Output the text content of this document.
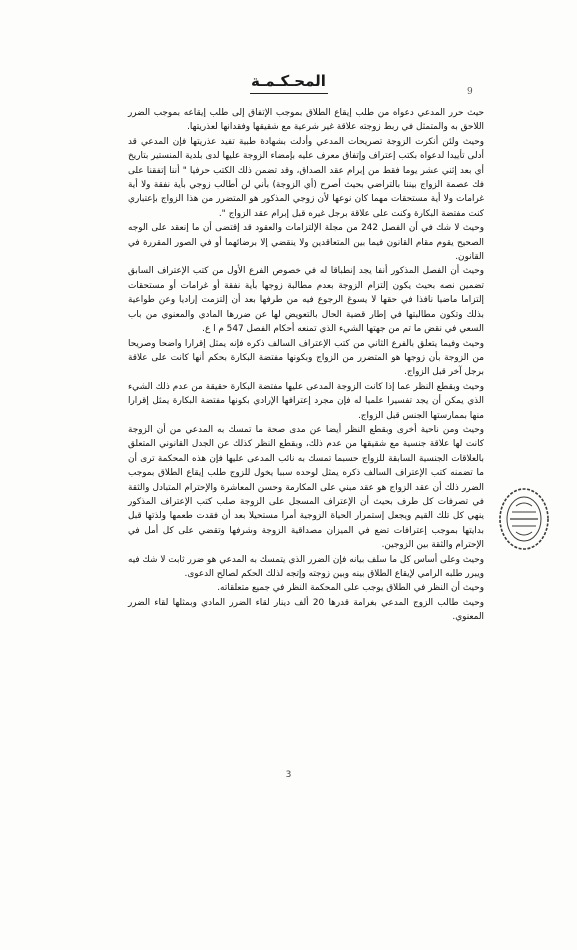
9
المحـكـمـة

حيث حرر المدعي دعواه من طلب إيقاع الطلاق بموجب الإتفاق إلى طلب إيقاعه بموجب الضرر اللاحق به والمتمثل في ربط زوجته علاقة غير شرعية مع شقيقها وفقدانها لعذريتها.

وحيث ولئن أنكرت الزوجة تصريحات المدعي وأدلت بشهادة طبية تفيد عذريتها فإن المدعي قد أدلى تأييدا لدعواه بكتب إعتراف وإتفاق معرف عليه بإمضاء الزوجة عليها لدى بلدية المنستير بتاريخ أي بعد إثني عشر يوما فقط من إبرام عقد الصداق، وقد تضمن ذلك الكتب حرفيا " أننا إتفقنا على فك عصمة الزواج بيننا بالتراضي بحيث أصرح (أي الزوجة) بأني لن أطالب زوجي بأية نفقة ولا أية غرامات ولا أية مستحقات مهما كان نوعها لأن زوجي المذكور هو المتضرر من هذا الزواج بإعتباري كنت مفتضة البكارة وكنت على علاقة برجل غيره قبل إبرام عقد الزواج ".

وحيث لا شك في أن الفصل 242 من مجلة الإلتزامات والعقود قد إقتضى أن ما إنعقد على الوجه الصحيح يقوم مقام القانون فيما بين المتعاقدين ولا ينقضي إلا برضائهما أو في الصور المقررة في القانون.

وحيث أن الفصل المذكور أنفا يجد إنطباقا له في خصوص الفرع الأول من كتب الإعتراف السابق تضمين نصه بحيث يكون إلتزام الزوجة بعدم مطالبة زوجها بأية نفقة أو غرامات أو مستحقات إلتزاما ماضيا نافذا في حقها لا يسوغ الرجوع فيه من طرفها بعد أن إلتزمت إراديا وعن طواعية بذلك وتكون مطالبتها في إطار قضية الحال بالتعويض لها عن ضررها المادي والمعنوي من باب السعي في نقض ما تم من جهتها الشيء الذي تمنعه أحكام الفصل 547 م ا ع.

وحيث وفيما يتعلق بالفرع الثاني من كتب الإعتراف السالف ذكره فإنه يمثل إقرارا واضحا وصريحا من الزوجة بأن زوجها هو المتضرر من الزواج وبكونها مفتضة البكارة بحكم أنها كانت على علاقة برجل آخر قبل الزواج.

وحيث وبقطع النظر عما إذا كانت الزوجة المدعى عليها مفتضة البكارة حقيقة من عدم ذلك الشيء الذي يمكن أن يجد تفسيرا علميا له فإن مجرد إعترافها الإرادي بكونها مفتضة البكارة يمثل إقرارا منها بممارستها الجنس قبل الزواج.

وحيث ومن ناحية أخرى وبقطع النظر أيضا عن مدى صحة ما تمسك به المدعي من أن الزوجة كانت لها علاقة جنسية مع شقيقها من عدم ذلك، وبقطع النظر كذلك عن الجدل القانوني المتعلق بالعلاقات الجنسية السابقة للزواج حسبما تمسك به نائب المدعى عليها فإن هذه المحكمة ترى أن ما تضمنه كتب الإعتراف السالف ذكره يمثل لوحده سببا يخول للزوج طلب إيقاع الطلاق بموجب الضرر ذلك أن عقد الزواج هو عقد مبني على المكارمة وحسن المعاشرة والإحترام المتبادل والثقة في تصرفات كل طرف بحيث أن الإعتراف المسجل على الزوجة صلب كتب الإعتراف المذكور ينهي كل تلك القيم ويجعل إستمرار الحياة الزوجية أمرا مستحيلا بعد أن فقدت طعمها ولذتها قبل بدايتها بموجب إعترافات تضع في الميزان مصداقية الزوجة وشرفها وتقضي على كل أمل في الإحترام والثقة بين الزوجين.

وحيث وعلى أساس كل ما سلف بيانه فإن الضرر الذي يتمسك به المدعي هو ضرر ثابت لا شك فيه ويبرر طلبه الرامي لإيقاع الطلاق بينه وبين زوجته وإتجه لذلك الحكم لصالح الدعوى.

وحيث أن النظر في الطلاق يوجب على المحكمة النظر في جميع متعلقاته.

وحيث طالب الزوج المدعي بغرامة قدرها 20 ألف دينار لقاء الضرر المادي وبمثلها لقاء الضرر المعنوي.

3
